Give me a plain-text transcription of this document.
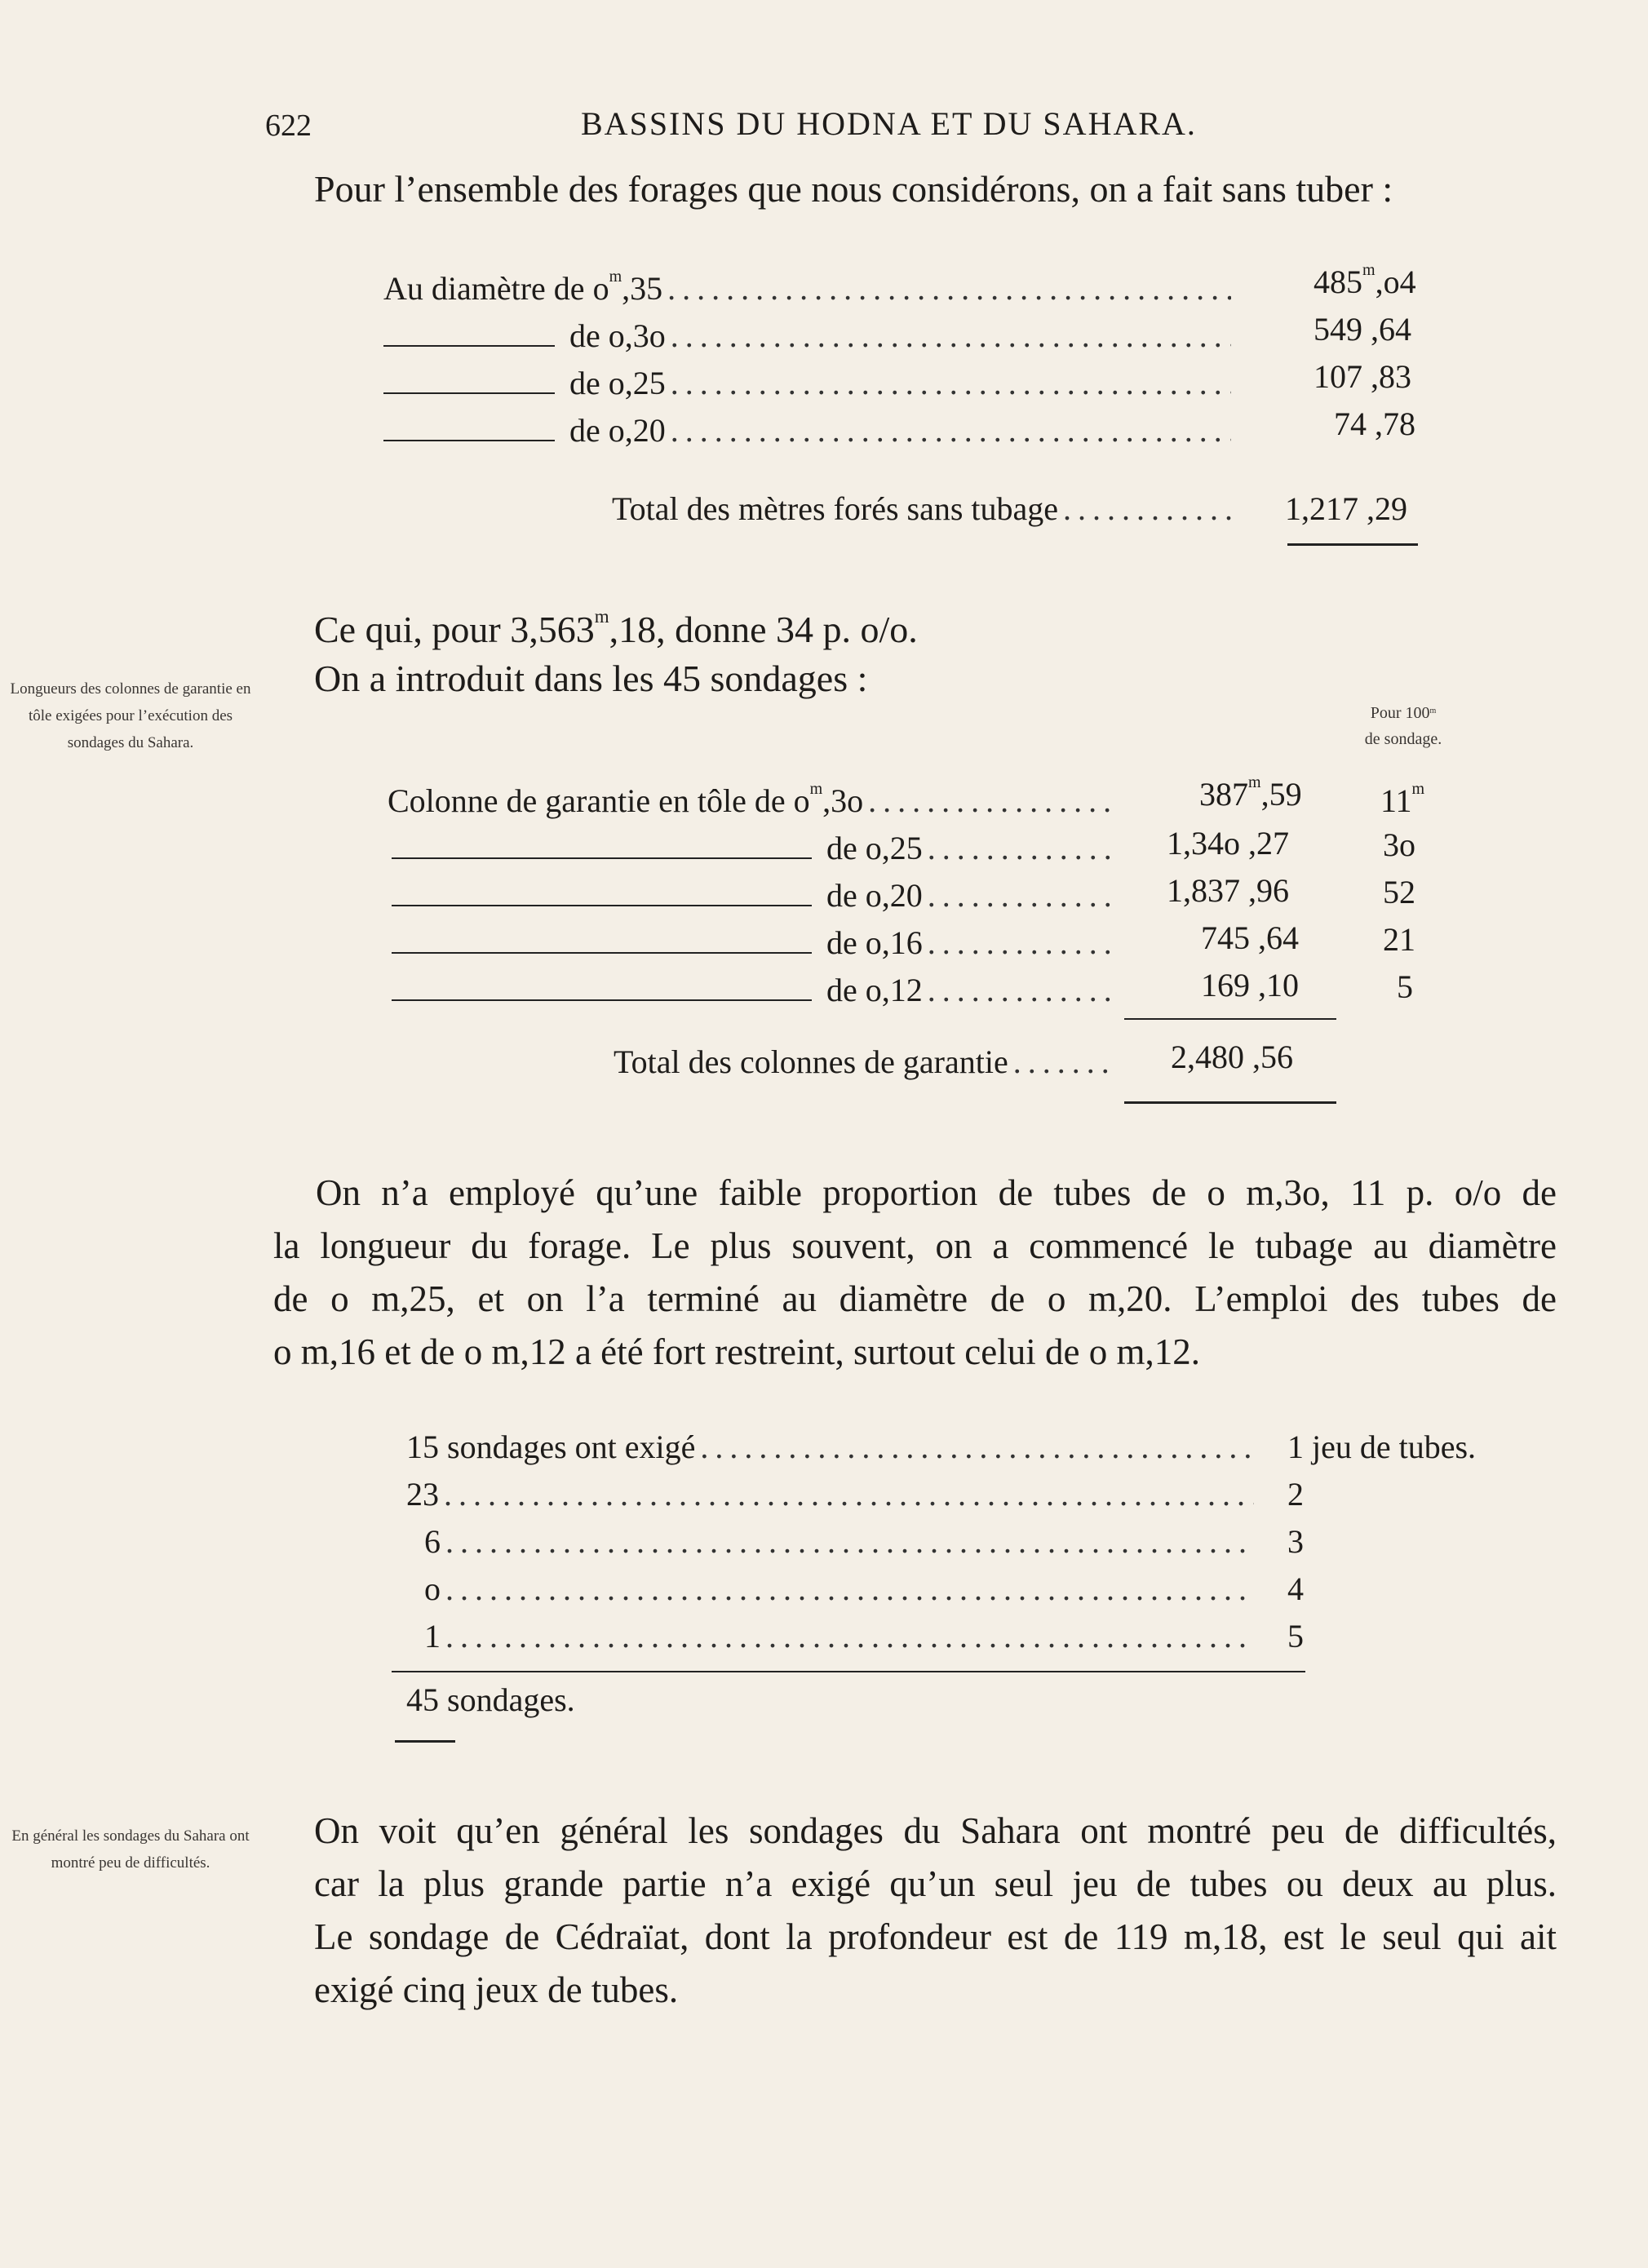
622	BASSINS DU HODNA ET DU SAHARA.
Pour l’ensemble des forages que nous considérons, on a fait sans tuber :
Au diamètre de $o^m,35$ .....	485$^m$,o4
de o,3o .....	549 ,64
de o,25 .....	107 ,83
de o,20 .....	74 ,78
Total des mètres forés sans tubage .....	1,217 ,29
Ce qui, pour 3,563$^m$,18, donne 34 p. o/o.
On a introduit dans les 45 sondages :
Longueurs des colonnes de garantie en tôle exigées pour l’exécution des sondages du Sahara.
Pour 100$^m$
de sondage.
Colonne de garantie en tôle de $o^m,3o$ .....	387$^m$,59 11$^m$
de o,25 .....	1,34o ,27	3o
de o,20 .....	1,837 ,96	52
de o,16 .....	745 ,64	21
de o,12 .....	169 ,10	5
Total des colonnes de garantie .....	2,480 ,56
On n’a employé qu’une faible proportion de tubes de o m,3o, 11 p. o/o de
la longueur du forage. Le plus souvent, on a commencé le tubage au diamètre
de o m,25, et on l’a terminé au diamètre de o m,20. L’emploi des tubes de
o m,16 et de o m,12 a été fort restreint, surtout celui de o m,12.
15 sondages ont exigé .....	1 jeu de tubes.
23 .....	2
6 .....	3
o .....	4
1 .....	5
45 sondages.
En général les sondages du Sahara ont montré peu de difficultés.
On voit qu’en général les sondages du Sahara ont montré peu de difficultés,
car la plus grande partie n’a exigé qu’un seul jeu de tubes ou deux au plus.
Le sondage de Cédraïat, dont la profondeur est de 119 m,18, est le seul qui ait
exigé cinq jeux de tubes.
